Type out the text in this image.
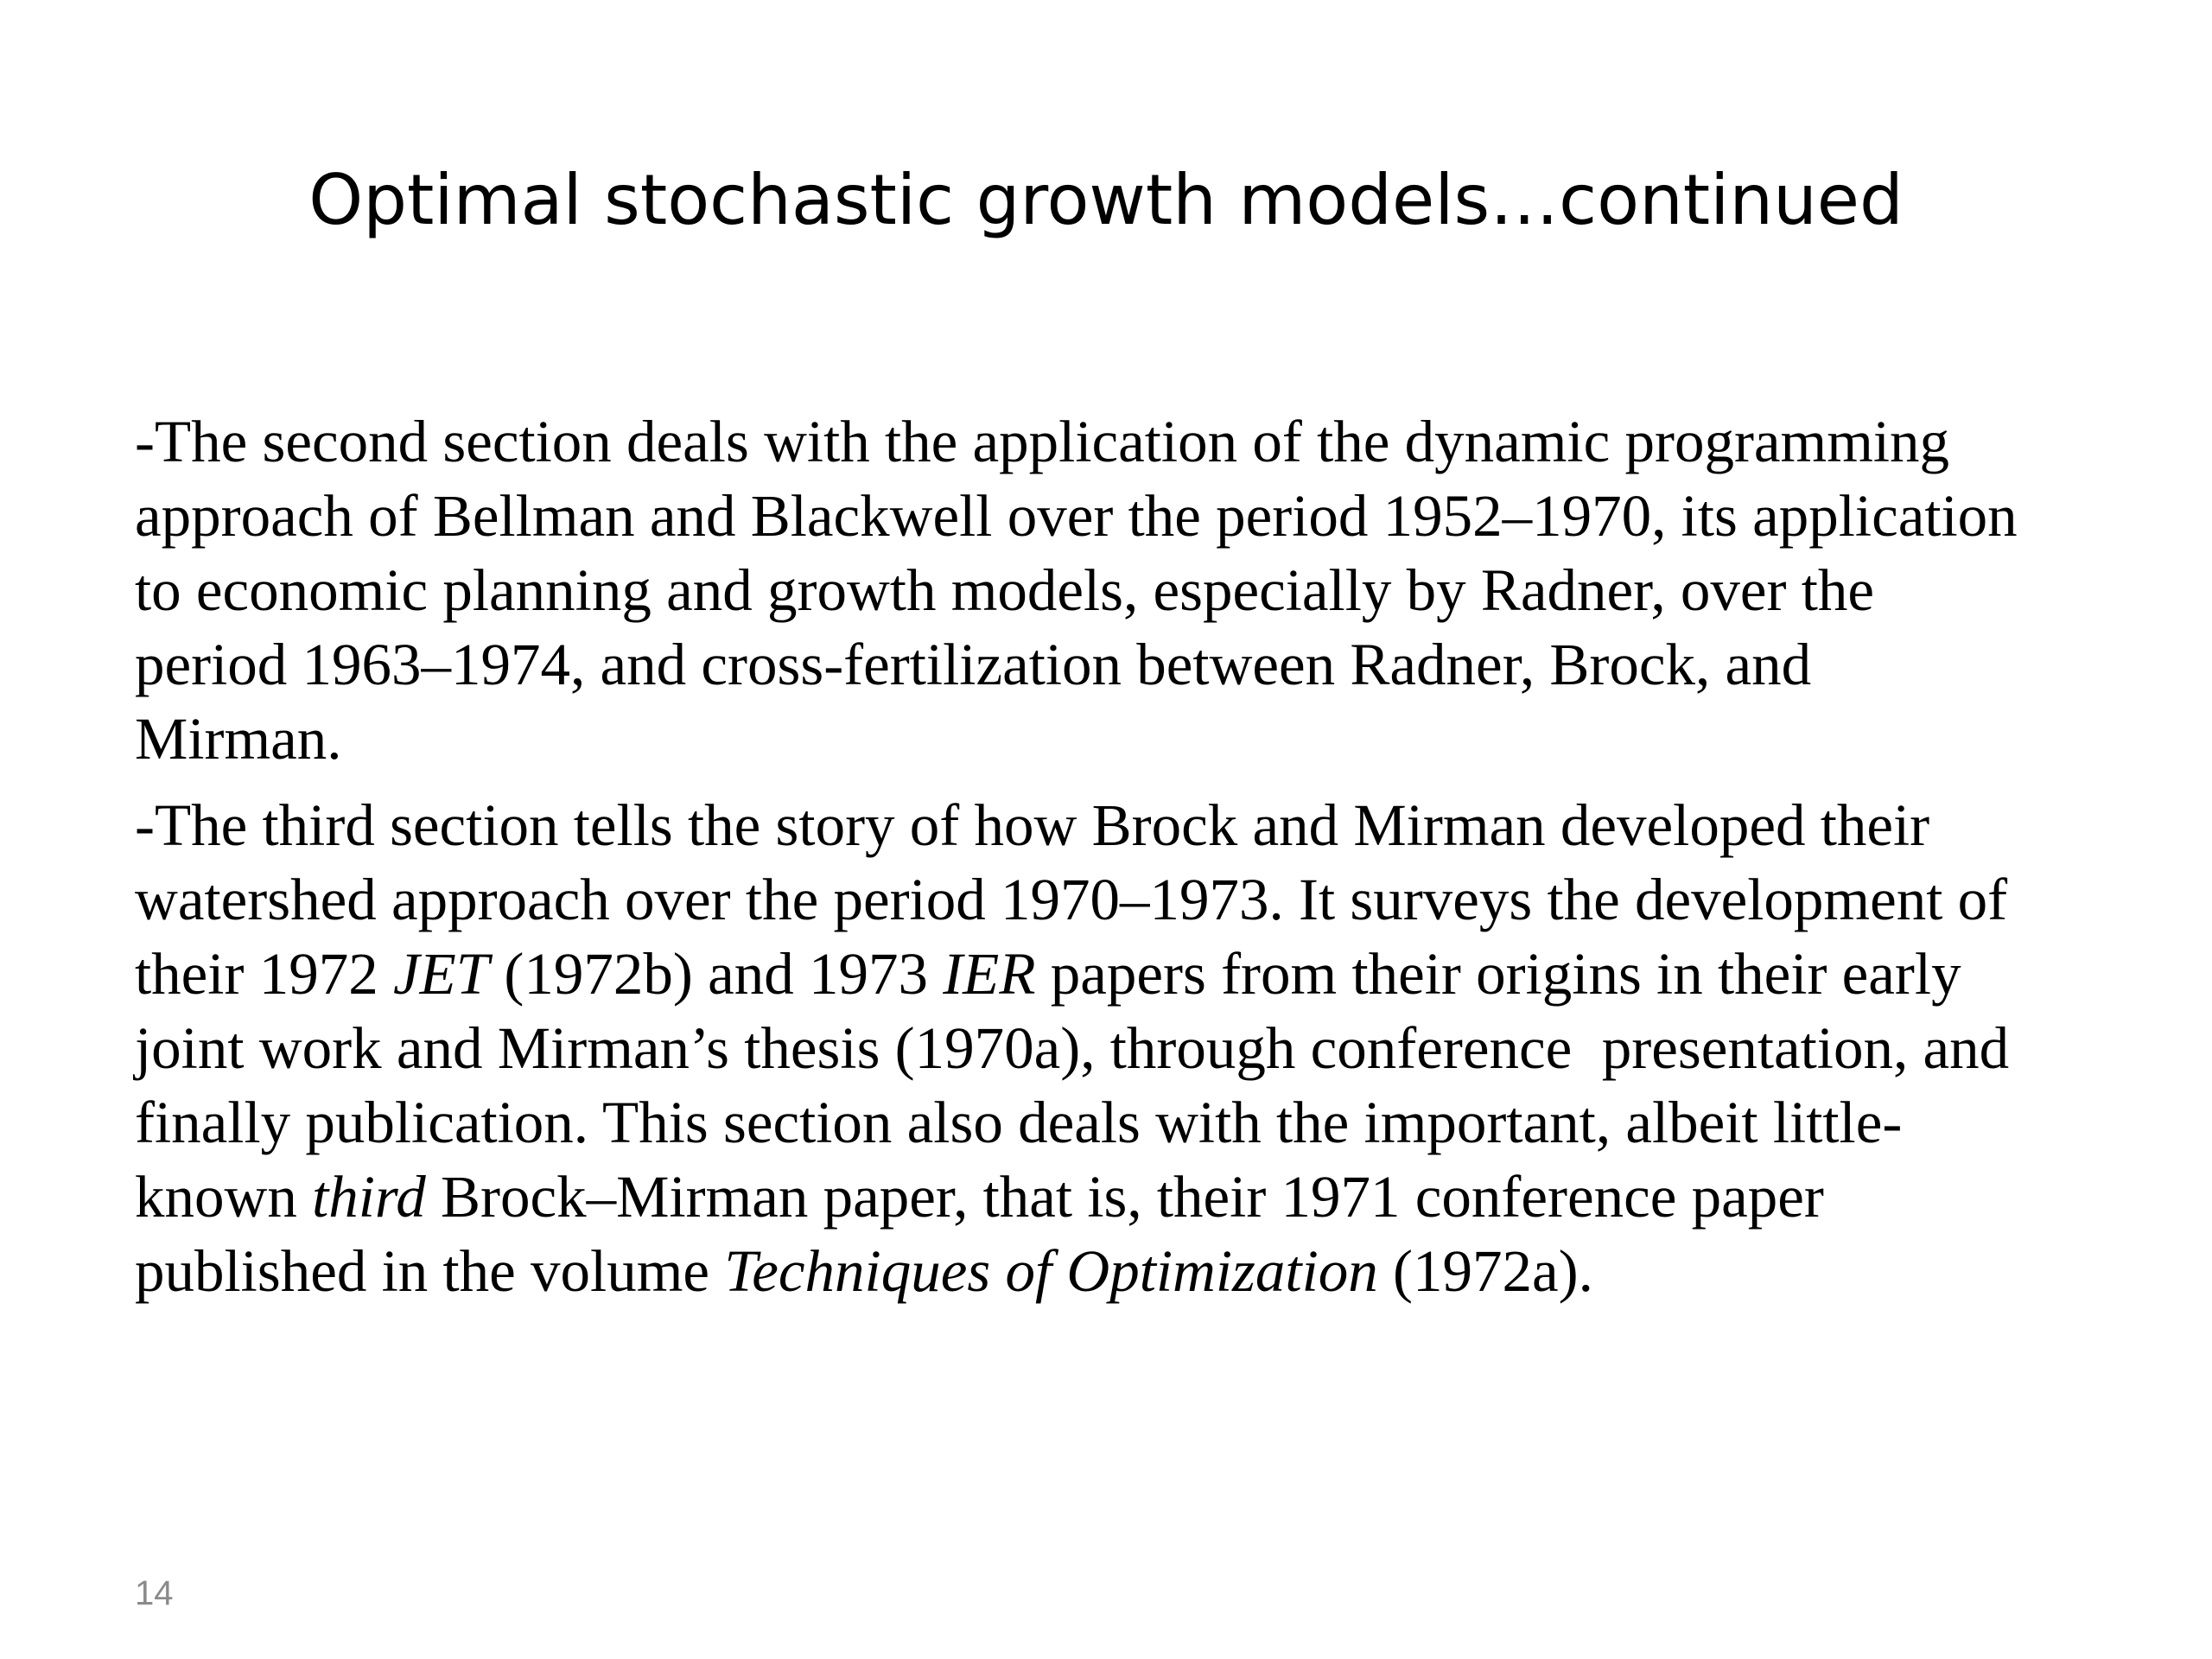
Optimal stochastic growth models…continued

-The second section deals with the application of the dynamic programming
approach of Bellman and Blackwell over the period 1952–1970, its application
to economic planning and growth models, especially by Radner, over the
period 1963–1974, and cross-fertilization between Radner, Brock, and
Mirman.

-The third section tells the story of how Brock and Mirman developed their
watershed approach over the period 1970–1973. It surveys the development of
their 1972 JET (1972b) and 1973 IER papers from their origins in their early
joint work and Mirman’s thesis (1970a), through conference  presentation, and
finally publication. This section also deals with the important, albeit little-
known third Brock–Mirman paper, that is, their 1971 conference paper
published in the volume Techniques of Optimization (1972a).

14
